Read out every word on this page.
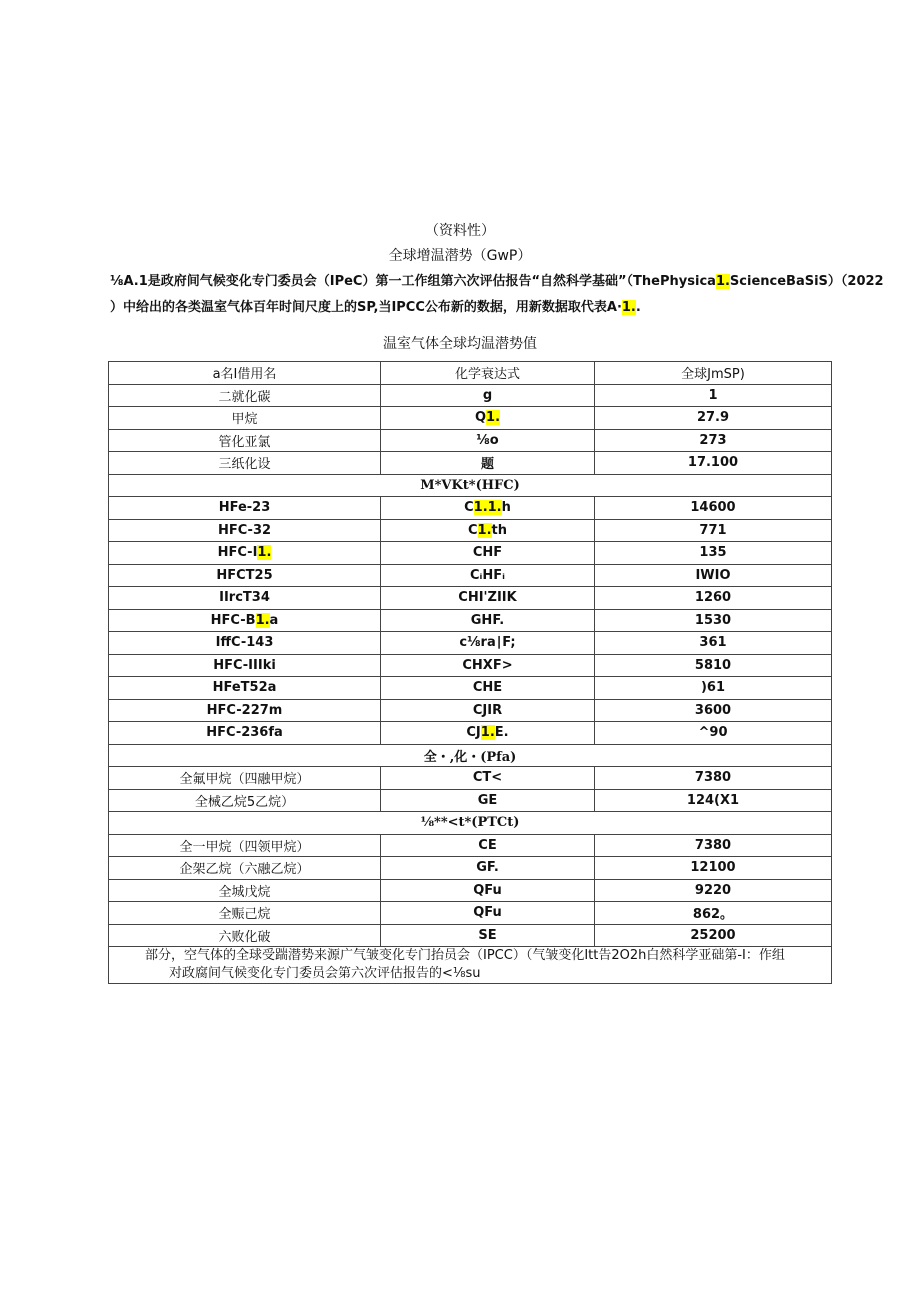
（资料性）
全球增温潜势（GwP）
⅛A.1是政府间气候变化专门委员会（IPeC）第一工作组第六次评估报告“自然科学基础”（ThePhysica1.ScienceBaSiS）（2022
）中给出的各类温室气体百年时间尺度上的SP,当IPCC公布新的数据，用新数据取代表A·1..
温室气体全球均温潜势值
a名I借用名	化学衰达式	全球JmSP)
二就化碳	g	1
甲烷	Q1.	27.9
管化亚氯	⅛o	273
三纸化设	题	17.100
M*VKt*(HFC)		
HFe-23	C1.1.h	14600
HFC-32	C1.th	771
HFC-I1.	CHF	135
HFCT25	CᵢHFᵢ	IWIO
IIrcT34	CHI'ZIIK	1260
HFC-B1.a	GHF.	1530
IffC-143	c⅛ra∣F;	361
HFC-IIIki	CHXF>	5810
HFeT52a	CHE	)61
HFC-227m	CJIR	3600
HFC-236fa	CJ1.E.	^90
全・,化・(Pfa)		
全氟甲烷（四融甲烷）	CT<	7380
全械乙烷5乙烷）	GE	124(X1
⅛**<t*(PTCt)		
全一甲烷（四领甲烷）	CE	7380
企架乙烷（六融乙烷）	GF.	12100
全城戊烷	QFu	9220
全赈己烷	QFu	862。
六败化破	SE	25200

部分，空气体的全球受踹潜势来源广气皱变化专门抬员会（IPCC）（气皱变化Itt告2O2h白然科学亚础第-I：作组
对政腐间气候变化专门委员会第六次评估报告的<⅛su		
